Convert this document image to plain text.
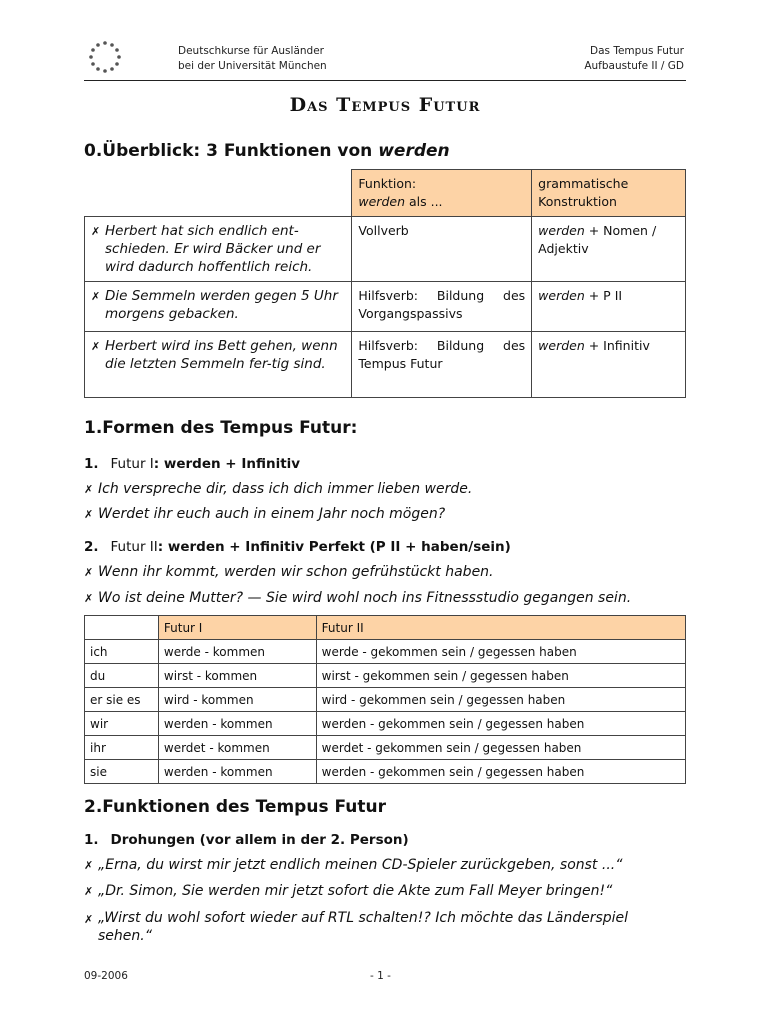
Deutschkurse für Ausländer
bei der Universität München
Das Tempus Futur
Aufbaustufe II / GD
Das Tempus Futur
0.Überblick: 3 Funktionen von werden

	Funktion:
werden als ...	grammatische Konstruktion

✗ Herbert hat sich endlich ent-schieden. Er wird Bäcker und er wird dadurch hoffentlich reich.	Vollverb	werden + Nomen / Adjektiv

✗ Die Semmeln werden gegen 5 Uhr morgens gebacken.	Hilfsverb: Bildung des
Vorgangspassivs	werden + P II

✗ Herbert wird ins Bett gehen, wenn die letzten Semmeln fer-tig sind.	Hilfsverb: Bildung des
Tempus Futur	werden + Infinitiv
1.Formen des Tempus Futur:
1. Futur I: werden + Infinitiv
✗ Ich verspreche dir, dass ich dich immer lieben werde.
✗ Werdet ihr euch auch in einem Jahr noch mögen?
2. Futur II: werden + Infinitiv Perfekt (P II + haben/sein)
✗ Wenn ihr kommt, werden wir schon gefrühstückt haben.
✗ Wo ist deine Mutter? — Sie wird wohl noch ins Fitnessstudio gegangen sein.
	Futur I	Futur II
ich	werde - kommen	werde - gekommen sein / gegessen haben
du	wirst - kommen	wirst - gekommen sein / gegessen haben
er sie es	wird - kommen	wird - gekommen sein / gegessen haben
wir	werden - kommen	werden - gekommen sein / gegessen haben
ihr	werdet - kommen	werdet - gekommen sein / gegessen haben
sie	werden - kommen	werden - gekommen sein / gegessen haben
2.Funktionen des Tempus Futur
1. Drohungen (vor allem in der 2. Person)
✗ „Erna, du wirst mir jetzt endlich meinen CD-Spieler zurückgeben, sonst ...“
✗ „Dr. Simon, Sie werden mir jetzt sofort die Akte zum Fall Meyer bringen!“
✗ „Wirst du wohl sofort wieder auf RTL schalten!? Ich möchte das Länderspiel sehen.“
09-2006	- 1 -
